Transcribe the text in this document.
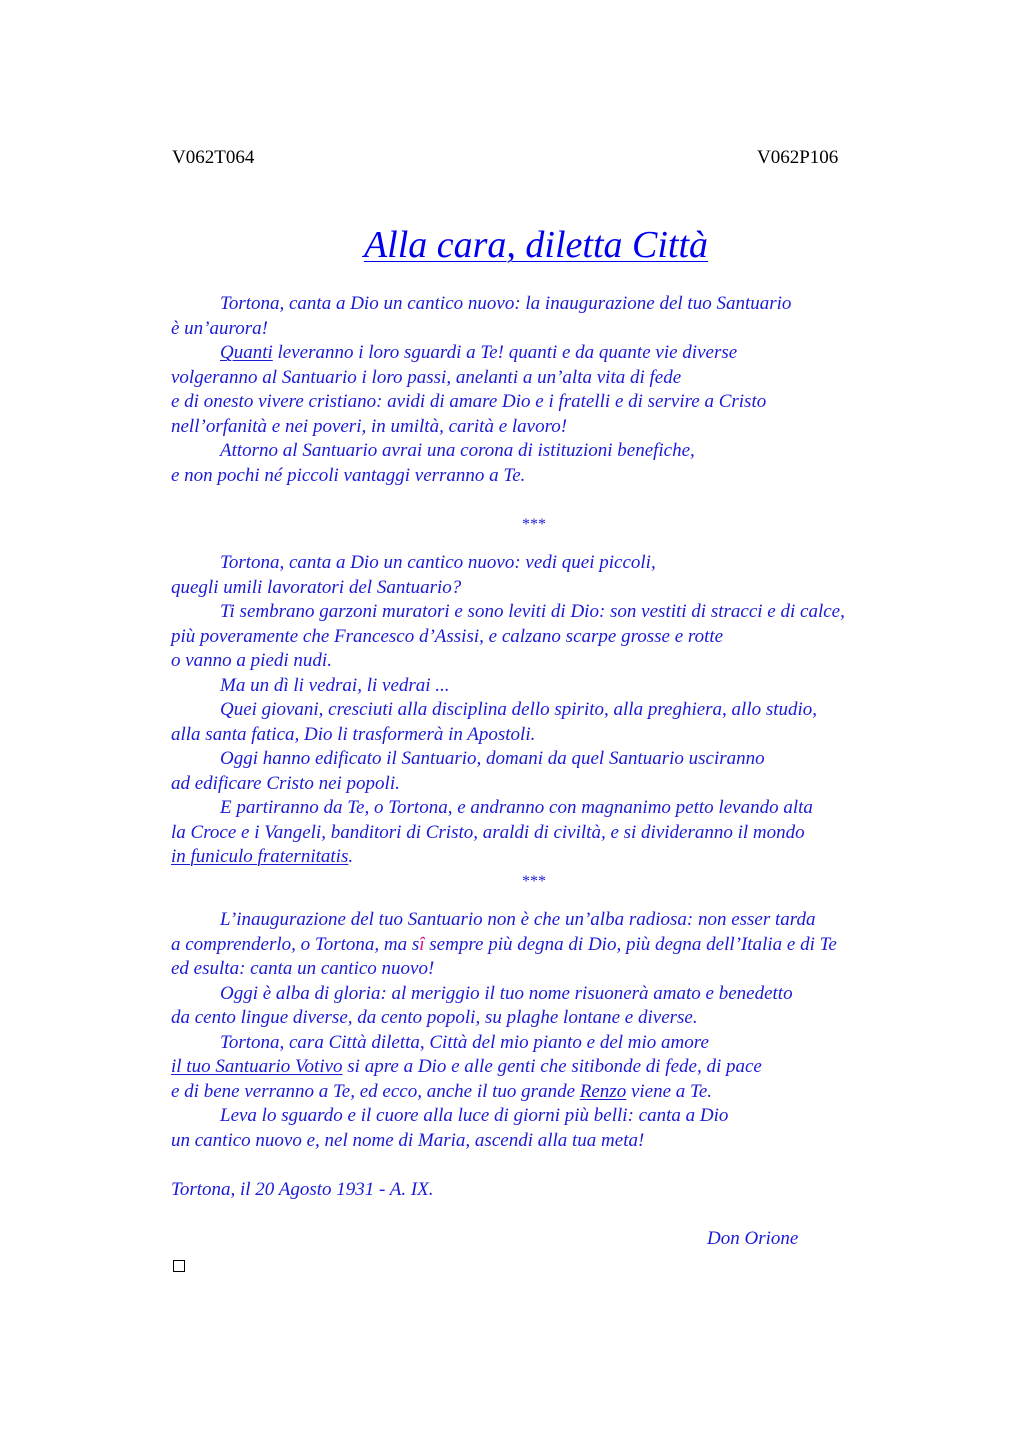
V062T064	V062P106

Alla cara, diletta Città
Tortona, canta a Dio un cantico nuovo: la inaugurazione del tuo Santuario
è un’aurora!
Quanti leveranno i loro sguardi a Te! quanti e da quante vie diverse
volgeranno al Santuario i loro passi, anelanti a un’alta vita di fede
e di onesto vivere cristiano: avidi di amare Dio e i fratelli e di servire a Cristo
nell’orfanità e nei poveri, in umiltà, carità e lavoro!
Attorno al Santuario avrai una corona di istituzioni benefiche,
e non pochi né piccoli vantaggi verranno a Te.
***
Tortona, canta a Dio un cantico nuovo: vedi quei piccoli,
quegli umili lavoratori del Santuario?
Ti sembrano garzoni muratori e sono leviti di Dio: son vestiti di stracci e di calce,
più poveramente che Francesco d’Assisi, e calzano scarpe grosse e rotte
o vanno a piedi nudi.
Ma un dì li vedrai, li vedrai ...
Quei giovani, cresciuti alla disciplina dello spirito, alla preghiera, allo studio,
alla santa fatica, Dio li trasformerà in Apostoli.
Oggi hanno edificato il Santuario, domani da quel Santuario usciranno
ad edificare Cristo nei popoli.
E partiranno da Te, o Tortona, e andranno con magnanimo petto levando alta
la Croce e i Vangeli, banditori di Cristo, araldi di civiltà, e si divideranno il mondo
in funiculo fraternitatis.
***
L’inaugurazione del tuo Santuario non è che un’alba radiosa: non esser tarda
a comprenderlo, o Tortona, ma sî sempre più degna di Dio, più degna dell’Italia e di Te
ed esulta: canta un cantico nuovo!
Oggi è alba di gloria: al meriggio il tuo nome risuonerà amato e benedetto
da cento lingue diverse, da cento popoli, su plaghe lontane e diverse.
Tortona, cara Città diletta, Città del mio pianto e del mio amore
il tuo Santuario Votivo si apre a Dio e alle genti che sitibonde di fede, di pace
e di bene verranno a Te, ed ecco, anche il tuo grande Renzo viene a Te.
Leva lo sguardo e il cuore alla luce di giorni più belli: canta a Dio
un cantico nuovo e, nel nome di Maria, ascendi alla tua meta!
Tortona, il 20 Agosto 1931 - A. IX.
Don Orione
